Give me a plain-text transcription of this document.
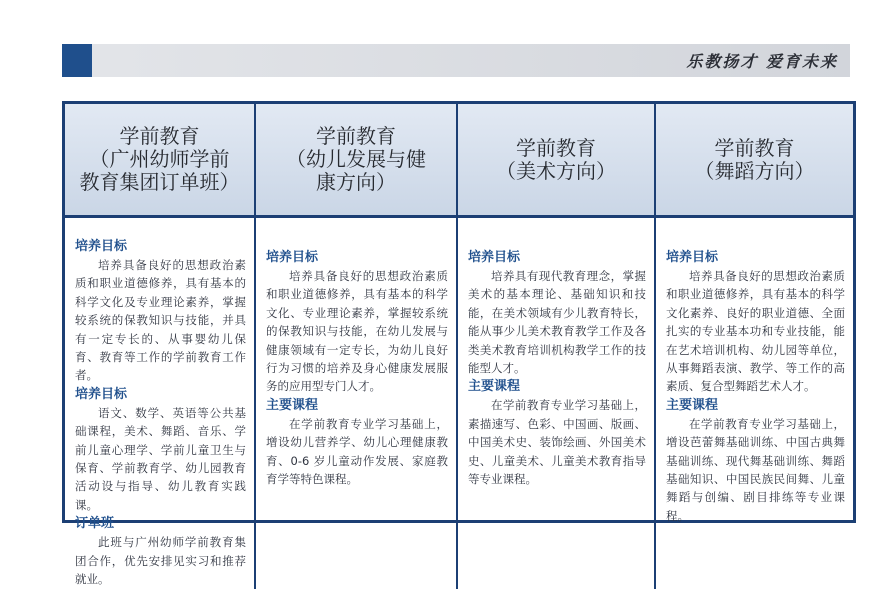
乐教扬才 爱育未来
学前教育
（广州幼师学前
教育集团订单班）
学前教育
（幼儿发展与健
康方向）
学前教育
（美术方向）
学前教育
（舞蹈方向）
培养目标
培养具备良好的思想政治素质和职业道德修养，具有基本的科学文化及专业理论素养，掌握较系统的保教知识与技能，并具有一定专长的、从事婴幼儿保育、教育等工作的学前教育工作者。
培养目标
语文、数学、英语等公共基础课程，美术、舞蹈、音乐、学前儿童心理学、学前儿童卫生与保育、学前教育学、幼儿园教育活动设与指导、幼儿教育实践课。
订单班
此班与广州幼师学前教育集团合作，优先安排见实习和推荐就业。
培养目标
培养具备良好的思想政治素质和职业道德修养，具有基本的科学文化、专业理论素养，掌握较系统的保教知识与技能，在幼儿发展与健康领域有一定专长，为幼儿良好行为习惯的培养及身心健康发展服务的应用型专门人才。
主要课程
在学前教育专业学习基础上，增设幼儿营养学、幼儿心理健康教育、0-6 岁儿童动作发展、家庭教育学等特色课程。
培养目标
培养具有现代教育理念，掌握美术的基本理论、基础知识和技能，在美术领域有少儿教育特长，能从事少儿美术教育教学工作及各类美术教育培训机构教学工作的技能型人才。
主要课程
在学前教育专业学习基础上，素描速写、色彩、中国画、版画、中国美术史、装饰绘画、外国美术史、儿童美术、儿童美术教育指导等专业课程。
培养目标
培养具备良好的思想政治素质和职业道德修养，具有基本的科学文化素养、良好的职业道德、全面扎实的专业基本功和专业技能，能在艺术培训机构、幼儿园等单位，从事舞蹈表演、教学、等工作的高素质、复合型舞蹈艺术人才。
主要课程
在学前教育专业学习基础上，增设芭蕾舞基础训练、中国古典舞基础训练、现代舞基础训练、舞蹈基础知识、中国民族民间舞、儿童舞蹈与创编、剧目排练等专业课程。
